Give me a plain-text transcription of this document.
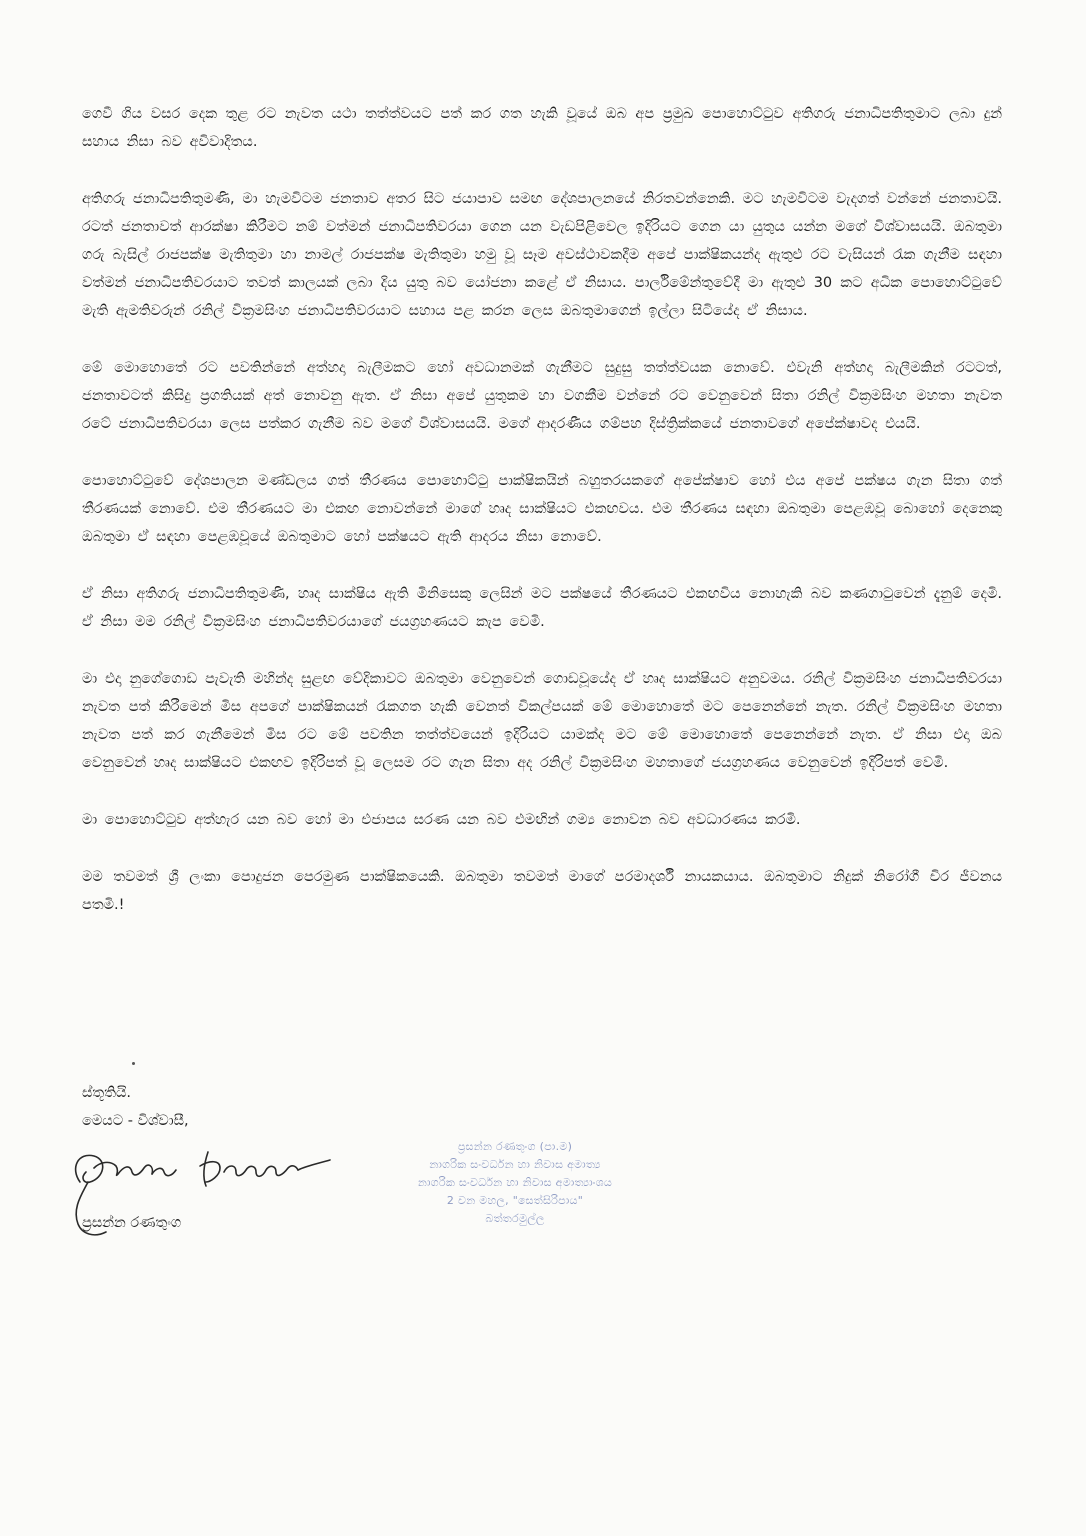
ගෙවී ගිය වසර දෙක තුළ රට නැවත යථා තත්ත්වයට පත් කර ගත හැකි වූයේ ඔබ අප ප්‍රමුඛ පොහොට්ටුව අතිගරු ජනාධිපතිතුමාට ලබා දුන් සහාය නිසා බව අවිවාදිතය.

අතිගරු ජනාධිපතිතුමණි, මා හැමවිටම ජනතාව අතර සිට ජයාපාව සමඟ දේශපාලනයේ නිරතවන්නෙකි. මට හැමවිටම වැදගත් වන්නේ ජනතාවයි. රටත් ජනතාවත් ආරක්ෂා කිරීමට නම් වත්මන් ජනාධිපතිවරයා ගෙන යන වැඩපිළිවෙල ඉදිරියට ගෙන යා යුතුය යන්න මගේ විශ්වාසයයි. ඔබතුමා ගරු බැසිල් රාජපක්ෂ මැතිතුමා හා නාමල් රාජපක්ෂ මැතිතුමා හමු වූ සෑම අවස්ථාවකදීම අපේ පාක්ෂිකයන්ද ඇතුළු රට වැසියන් රැක ගැනීම සඳහා වත්මන් ජනාධිපතිවරයාට තවත් කාලයක් ලබා දිය යුතු බව යෝජනා කළේ ඒ නිසාය. පාර්ලිමේන්තුවේදී මා ඇතුළු 30 කට අධික පොහොට්ටුවේ මැති ඇමතිවරුන් රනිල් වික්‍රමසිංහ ජනාධිපතිවරයාට සහාය පළ කරන ලෙස ඔබතුමාගෙන් ඉල්ලා සිටියේද ඒ නිසාය.

මේ මොහොතේ රට පවතින්නේ අත්හදා බැලීමකට හෝ අවධානමක් ගැනීමට සුදුසු තත්ත්වයක නොවේ. එවැනි අත්හදා බැලීමකින් රටටත්, ජනතාවටත් කිසිදු ප්‍රගතියක් අත් නොවනු ඇත. ඒ නිසා අපේ යුතුකම හා වගකීම වන්නේ රට වෙනුවෙන් සිතා රනිල් වික්‍රමසිංහ මහතා නැවත රටේ ජනාධිපතිවරයා ලෙස පත්කර ගැනීම බව මගේ විශ්වාසයයි. මගේ ආදරණීය ගම්පහ දිස්ත්‍රික්කයේ ජනතාවගේ අපේක්ෂාවද එයයි.

පොහොට්ටුවේ දේශපාලන මණ්ඩලය ගත් තීරණය පොහොට්ටු පාක්ෂිකයින් බහුතරයකගේ අපේක්ෂාව හෝ එය අපේ පක්ෂය ගැන සිතා ගත් තීරණයක් නොවේ. එම තීරණයට මා එකඟ නොවන්නේ මාගේ හෘද සාක්ෂියට එකඟවය. එම තීරණය සඳහා ඔබතුමා පෙළඹවූ බොහෝ දෙනෙකු ඔබතුමා ඒ සඳහා පෙළඹවූයේ ඔබතුමාට හෝ පක්ෂයට ඇති ආදරය නිසා නොවේ.

ඒ නිසා අතිගරු ජනාධිපතිතුමණි, හෘද සාක්ෂිය ඇති මිනිසෙකු ලෙසින් මට පක්ෂයේ තීරණයට එකඟවිය නොහැකි බව කණගාටුවෙන් දැනුම් දෙමි. ඒ නිසා මම රනිල් වික්‍රමසිංහ ජනාධිපතිවරයාගේ ජයග්‍රහණයට කැප වෙමි.

මා එදා නුගේගොඩ පැවැති මහින්ද සුළඟ වේදිකාවට ඔබතුමා වෙනුවෙන් ගොඩවූයේද ඒ හෘද සාක්ෂියට අනුවමය. රනිල් වික්‍රමසිංහ ජනාධිපතිවරයා නැවත පත් කිරීමෙන් මිස අපගේ පාක්ෂිකයන් රැකගත හැකි වෙනත් විකල්පයක් මේ මොහොතේ මට පෙනෙන්නේ නැත. රනිල් වික්‍රමසිංහ මහතා නැවත පත් කර ගැනීමෙන් මිස රට මේ පවතින තත්ත්වයෙන් ඉදිරියට යාමක්ද මට මේ මොහොතේ පෙනෙන්නේ නැත. ඒ නිසා එදා ඔබ වෙනුවෙන් හෘද සාක්ෂියට එකඟව ඉදිරිපත් වූ ලෙසම රට ගැන සිතා අද රනිල් වික්‍රමසිංහ මහතාගේ ජයග්‍රහණය වෙනුවෙන් ඉදිරිපත් වෙමි.

මා පොහොට්ටුව අත්හැර යන බව හෝ මා එජාපය සරණ යන බව එමඟින් ගම්‍ය නොවන බව අවධාරණය කරමි.

මම තවමත් ශ්‍රී ලංකා පොදුජන පෙරමුණ පාක්ෂිකයෙකි. ඔබතුමා තවමත් මාගේ පරමාදර්ශී නායකයාය. ඔබතුමාට නිදුක් නිරෝගී චිර ජීවනය පතමි.!

ස්තූතියි.
මෙයට - විශ්වාසී,
ප්‍රසන්න රණතුංග
ප්‍රසන්න රණතුංග (පා.ම)
නාගරික සංවර්ධන හා නිවාස අමාත්‍ය
නාගරික සංවර්ධන හා නිවාස අමාත්‍යාංශය
2 වන මහල, "සෙත්සිරිපාය"
බත්තරමුල්ල
